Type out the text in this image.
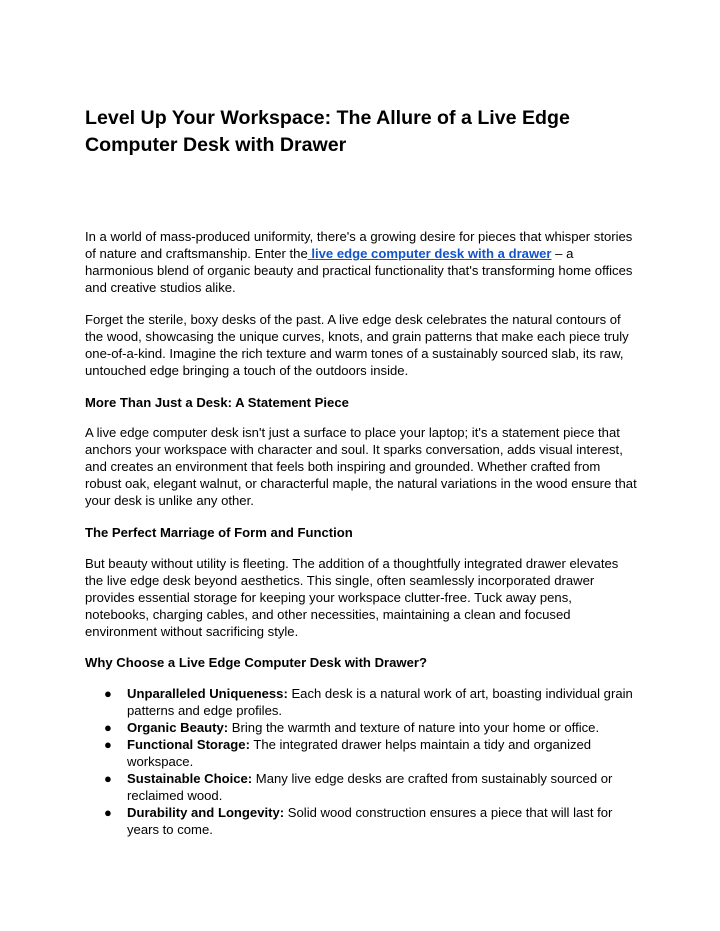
Level Up Your Workspace: The Allure of a Live Edge Computer Desk with Drawer

In a world of mass-produced uniformity, there's a growing desire for pieces that whisper stories of nature and craftsmanship. Enter the live edge computer desk with a drawer – a harmonious blend of organic beauty and practical functionality that's transforming home offices and creative studios alike.

Forget the sterile, boxy desks of the past. A live edge desk celebrates the natural contours of the wood, showcasing the unique curves, knots, and grain patterns that make each piece truly one-of-a-kind. Imagine the rich texture and warm tones of a sustainably sourced slab, its raw, untouched edge bringing a touch of the outdoors inside.

More Than Just a Desk: A Statement Piece

A live edge computer desk isn't just a surface to place your laptop; it's a statement piece that anchors your workspace with character and soul. It sparks conversation, adds visual interest, and creates an environment that feels both inspiring and grounded. Whether crafted from robust oak, elegant walnut, or characterful maple, the natural variations in the wood ensure that your desk is unlike any other.

The Perfect Marriage of Form and Function

But beauty without utility is fleeting. The addition of a thoughtfully integrated drawer elevates the live edge desk beyond aesthetics. This single, often seamlessly incorporated drawer provides essential storage for keeping your workspace clutter-free. Tuck away pens, notebooks, charging cables, and other necessities, maintaining a clean and focused environment without sacrificing style.

Why Choose a Live Edge Computer Desk with Drawer?

● Unparalleled Uniqueness: Each desk is a natural work of art, boasting individual grain patterns and edge profiles.
● Organic Beauty: Bring the warmth and texture of nature into your home or office.
● Functional Storage: The integrated drawer helps maintain a tidy and organized workspace.
● Sustainable Choice: Many live edge desks are crafted from sustainably sourced or reclaimed wood.
● Durability and Longevity: Solid wood construction ensures a piece that will last for years to come.
